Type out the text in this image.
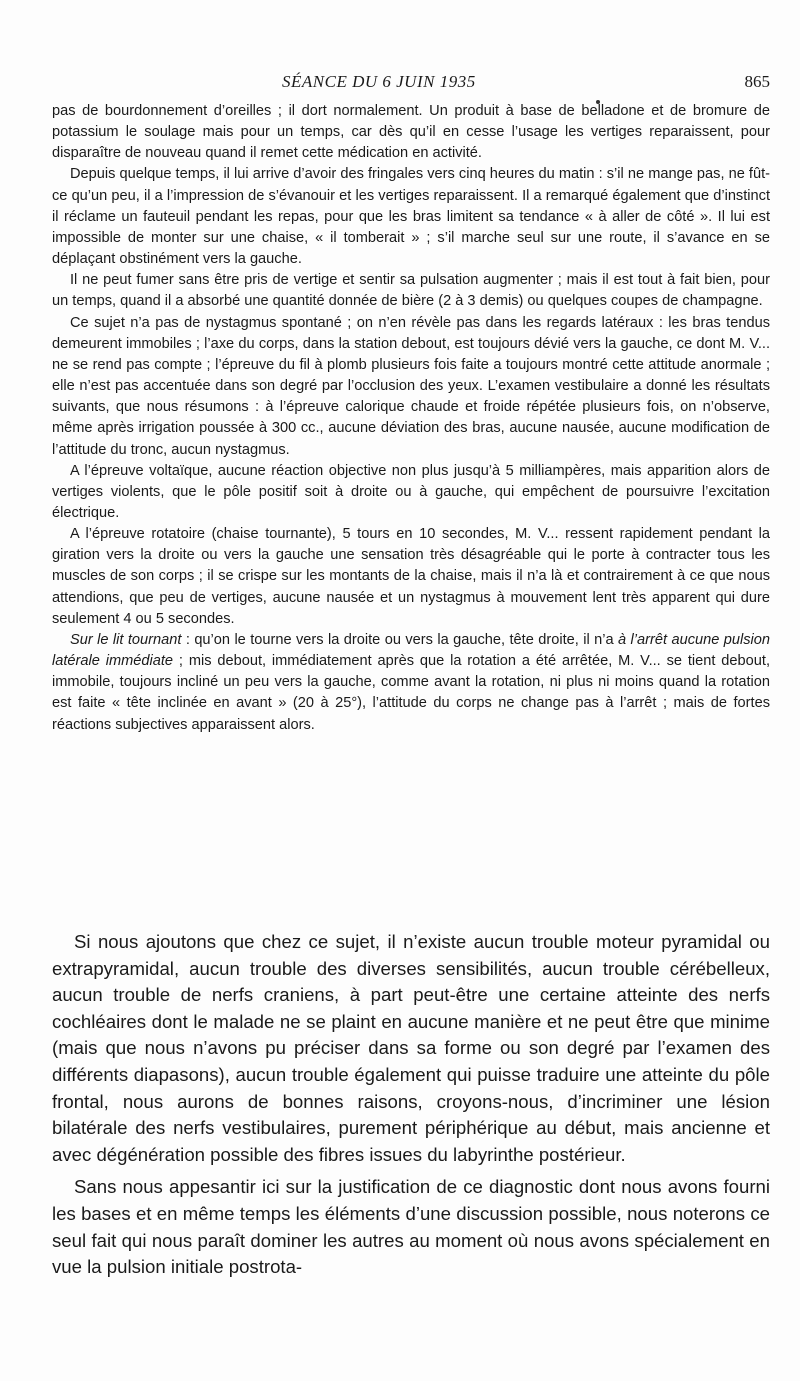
SÉANCE DU 6 JUIN 1935	865

pas de bourdonnement d’oreilles ; il dort normalement. Un produit à base de belladone et de bromure de potassium le soulage mais pour un temps, car dès qu’il en cesse l’usage les vertiges reparaissent, pour disparaître de nouveau quand il remet cette médication en activité.

Depuis quelque temps, il lui arrive d’avoir des fringales vers cinq heures du matin : s’il ne mange pas, ne fût-ce qu’un peu, il a l’impression de s’évanouir et les vertiges reparaissent. Il a remarqué également que d’instinct il réclame un fauteuil pendant les repas, pour que les bras limitent sa tendance « à aller de côté ». Il lui est impossible de monter sur une chaise, « il tomberait » ; s’il marche seul sur une route, il s’avance en se déplaçant obstinément vers la gauche.

Il ne peut fumer sans être pris de vertige et sentir sa pulsation augmenter ; mais il est tout à fait bien, pour un temps, quand il a absorbé une quantité donnée de bière (2 à 3 demis) ou quelques coupes de champagne.

Ce sujet n’a pas de nystagmus spontané ; on n’en révèle pas dans les regards latéraux : les bras tendus demeurent immobiles ; l’axe du corps, dans la station debout, est toujours dévié vers la gauche, ce dont M. V... ne se rend pas compte ; l’épreuve du fil à plomb plusieurs fois faite a toujours montré cette attitude anormale ; elle n’est pas accentuée dans son degré par l’occlusion des yeux. L’examen vestibulaire a donné les résultats suivants, que nous résumons : à l’épreuve calorique chaude et froide répétée plusieurs fois, on n’observe, même après irrigation poussée à 300 cc., aucune déviation des bras, aucune nausée, aucune modification de l’attitude du tronc, aucun nystagmus.

A l’épreuve voltaïque, aucune réaction objective non plus jusqu’à 5 milliampères, mais apparition alors de vertiges violents, que le pôle positif soit à droite ou à gauche, qui empêchent de poursuivre l’excitation électrique.

A l’épreuve rotatoire (chaise tournante), 5 tours en 10 secondes, M. V... ressent rapidement pendant la giration vers la droite ou vers la gauche une sensation très désagréable qui le porte à contracter tous les muscles de son corps ; il se crispe sur les montants de la chaise, mais il n’a là et contrairement à ce que nous attendions, que peu de vertiges, aucune nausée et un nystagmus à mouvement lent très apparent qui dure seulement 4 ou 5 secondes.

Sur le lit tournant : qu’on le tourne vers la droite ou vers la gauche, tête droite, il n’a à l’arrêt aucune pulsion latérale immédiate ; mis debout, immédiatement après que la rotation a été arrêtée, M. V... se tient debout, immobile, toujours incliné un peu vers la gauche, comme avant la rotation, ni plus ni moins quand la rotation est faite « tête inclinée en avant » (20 à 25°), l’attitude du corps ne change pas à l’arrêt ; mais de fortes réactions subjectives apparaissent alors.

Si nous ajoutons que chez ce sujet, il n’existe aucun trouble moteur pyramidal ou extrapyramidal, aucun trouble des diverses sensibilités, aucun trouble cérébelleux, aucun trouble de nerfs craniens, à part peut-être une certaine atteinte des nerfs cochléaires dont le malade ne se plaint en aucune manière et ne peut être que minime (mais que nous n’avons pu préciser dans sa forme ou son degré par l’examen des différents diapasons), aucun trouble également qui puisse traduire une atteinte du pôle frontal, nous aurons de bonnes raisons, croyons-nous, d’incriminer une lésion bilatérale des nerfs vestibulaires, purement périphérique au début, mais ancienne et avec dégénération possible des fibres issues du labyrinthe postérieur.

Sans nous appesantir ici sur la justification de ce diagnostic dont nous avons fourni les bases et en même temps les éléments d’une discussion possible, nous noterons ce seul fait qui nous paraît dominer les autres au moment où nous avons spécialement en vue la pulsion initiale postrota-
